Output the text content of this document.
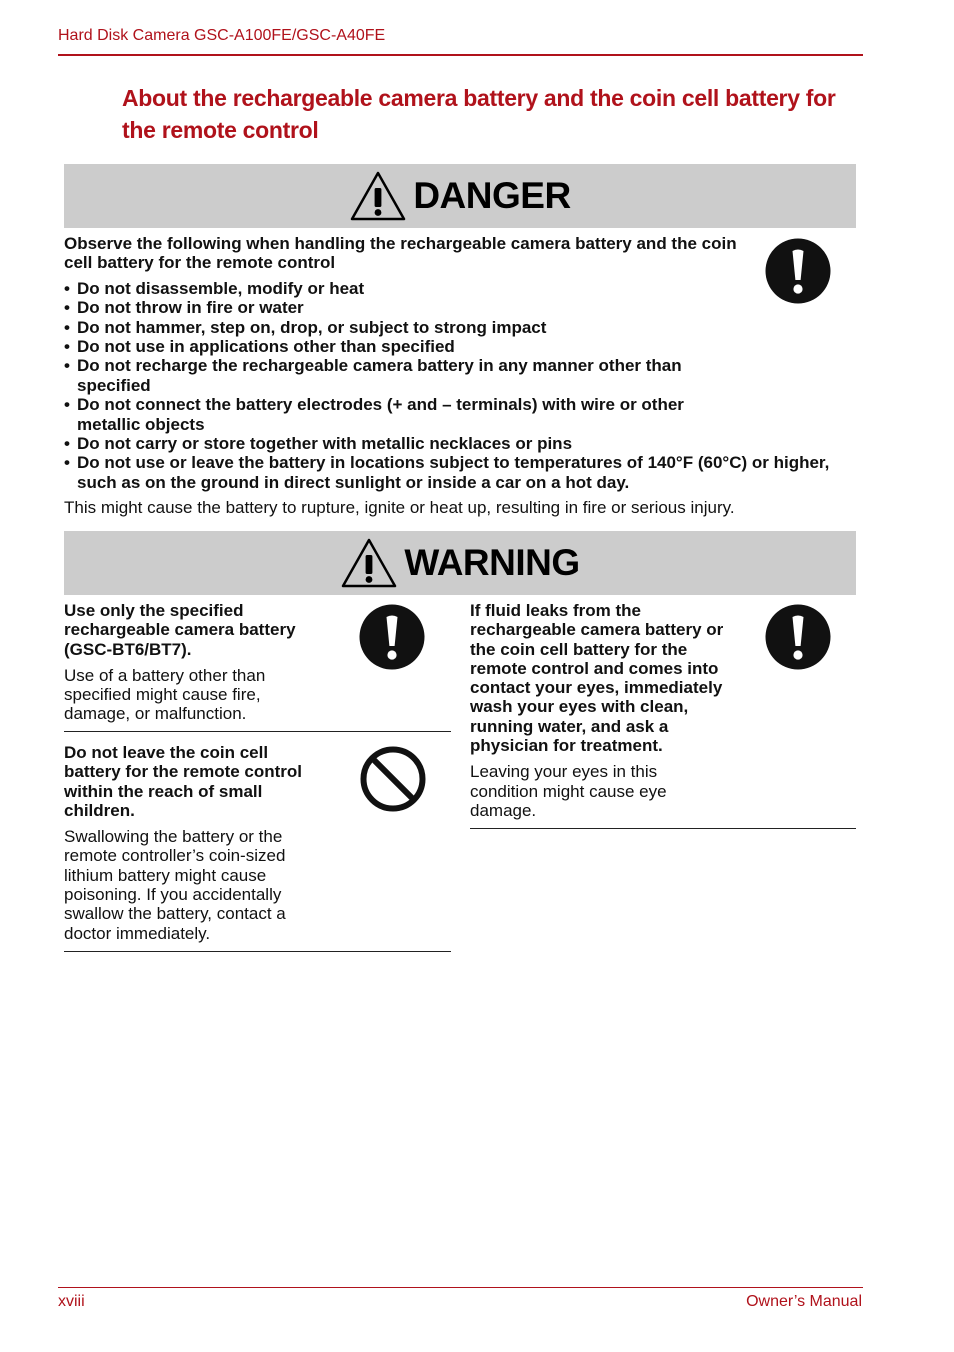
Hard Disk Camera GSC-A100FE/GSC-A40FE
About the rechargeable camera battery and the coin cell battery for the remote control
DANGER

Observe the following when handling the rechargeable camera battery and the coin cell battery for the remote control

• Do not disassemble, modify or heat
• Do not throw in fire or water
• Do not hammer, step on, drop, or subject to strong impact
• Do not use in applications other than specified
• Do not recharge the rechargeable camera battery in any manner other than specified
• Do not connect the battery electrodes (+ and – terminals) with wire or other metallic objects
• Do not carry or store together with metallic necklaces or pins
• Do not use or leave the battery in locations subject to temperatures of 140°F (60°C) or higher, such as on the ground in direct sunlight or inside a car on a hot day.

This might cause the battery to rupture, ignite or heat up, resulting in fire or serious injury.

WARNING

Use only the specified rechargeable camera battery (GSC-BT6/BT7).

Use of a battery other than specified might cause fire, damage, or malfunction.

Do not leave the coin cell battery for the remote control within the reach of small children.

Swallowing the battery or the remote controller’s coin-sized lithium battery might cause poisoning. If you accidentally swallow the battery, contact a doctor immediately.

If fluid leaks from the rechargeable camera battery or the coin cell battery for the remote control and comes into contact your eyes, immediately wash your eyes with clean, running water, and ask a physician for treatment.

Leaving your eyes in this condition might cause eye damage.

xviii	Owner’s Manual
